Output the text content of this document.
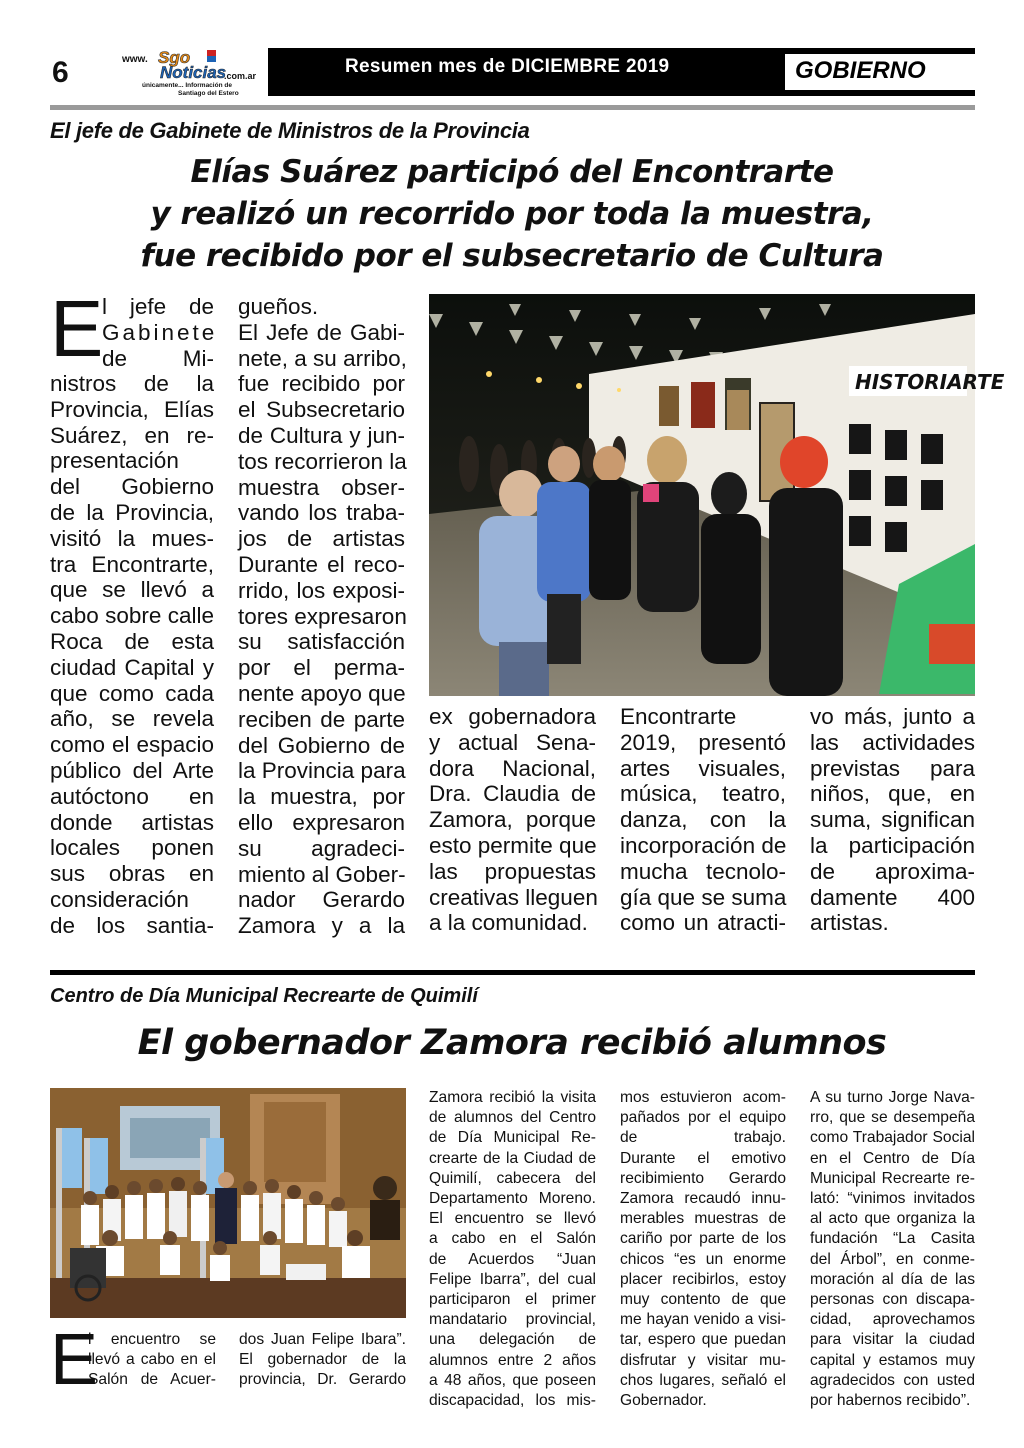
6	www. Sgo
Noticias
.com.ar
únicamente... Información de
Santiago del Estero
Resumen mes de DICIEMBRE 2019	GOBIERNO
El jefe de Gabinete de Ministros de la Provincia
Elías Suárez participó del Encontrarte
y realizó un recorrido por toda la muestra,
fue recibido por el subsecretario de Cultura
E
l jefe de
Gabinete
de Mi-
nistros de la
Provincia, Elías
Suárez, en re-
presentación
del Gobierno
de la Provincia,
visitó la mues-
tra Encontrarte,
que se llevó a
cabo sobre calle
Roca de esta
ciudad Capital y
que como cada
año, se revela
como el espacio
público del Arte
autóctono en
donde artistas
locales ponen
sus obras en
consideración
de los santia-
gueños.
El Jefe de Gabi-
nete, a su arribo,
fue recibido por
el Subsecretario
de Cultura y jun-
tos recorrieron la
muestra obser-
vando los traba-
jos de artistas
Durante el reco-
rrido, los exposi-
tores expresaron
su satisfacción
por el perma-
nente apoyo que
reciben de parte
del Gobierno de
la Provincia para
la muestra, por
ello expresaron
su agradeci-
miento al Gober-
nador Gerardo
Zamora y a la
HISTORIARTE
ex gobernadora
y actual Sena-
dora Nacional,
Dra. Claudia de
Zamora, porque
esto permite que
las propuestas
creativas lleguen
a la comunidad.
Encontrarte
2019, presentó
artes visuales,
música, teatro,
danza, con la
incorporación de
mucha tecnolo-
gía que se suma
como un atracti-
vo más, junto a
las actividades
previstas para
niños, que, en
suma, significan
la participación
de aproxima-
damente 400
artistas.
Centro de Día Municipal Recrearte de Quimilí
El gobernador Zamora recibió alumnos
E
l encuentro se
llevó a cabo en el
Salón de Acuer-
dos Juan Felipe Ibara”.
El gobernador de la
provincia, Dr. Gerardo
Zamora recibió la visita
de alumnos del Centro
de Día Municipal Re-
crearte de la Ciudad de
Quimilí, cabecera del
Departamento Moreno.
El encuentro se llevó
a cabo en el Salón
de Acuerdos “Juan
Felipe Ibarra”, del cual
participaron el primer
mandatario provincial,
una delegación de
alumnos entre 2 años
a 48 años, que poseen
discapacidad, los mis-
mos estuvieron acom-
pañados por el equipo
de trabajo.
Durante el emotivo
recibimiento Gerardo
Zamora recaudó innu-
merables muestras de
cariño por parte de los
chicos “es un enorme
placer recibirlos, estoy
muy contento de que
me hayan venido a visi-
tar, espero que puedan
disfrutar y visitar mu-
chos lugares, señaló el
Gobernador.
A su turno Jorge Nava-
rro, que se desempeña
como Trabajador Social
en el Centro de Día
Municipal Recrearte re-
lató: “vinimos invitados
al acto que organiza la
fundación “La Casita
del Árbol”, en conme-
moración al día de las
personas con discapa-
cidad, aprovechamos
para visitar la ciudad
capital y estamos muy
agradecidos con usted
por habernos recibido”.
